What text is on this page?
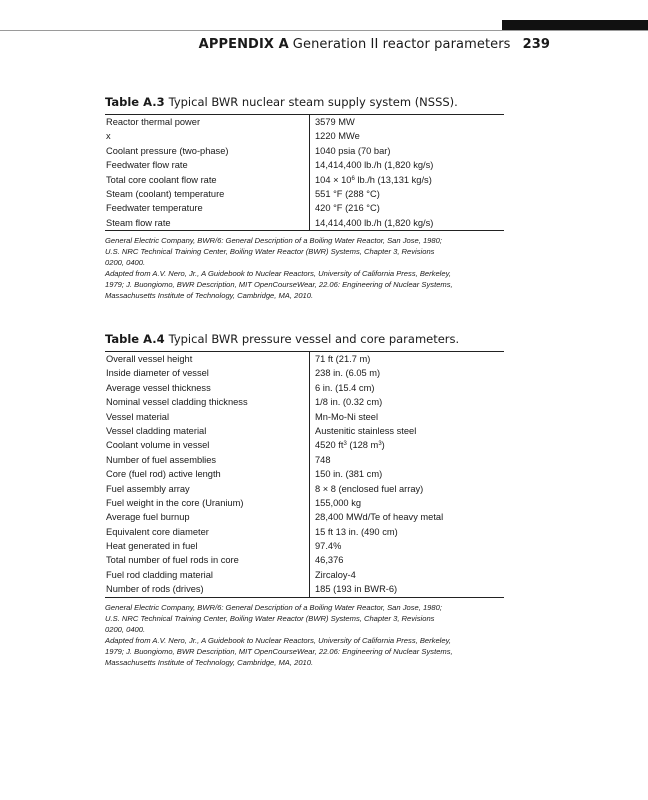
APPENDIX A Generation II reactor parameters 239
Table A.3 Typical BWR nuclear steam supply system (NSSS).
Reactor thermal power	3579 MW
x	1220 MWe
Coolant pressure (two-phase)	1040 psia (70 bar)
Feedwater flow rate	14,414,400 lb./h (1,820 kg/s)
Total core coolant flow rate	$104 \times 10^6$ lb./h (13,131 kg/s)
Steam (coolant) temperature	551 °F (288 °C)
Feedwater temperature	420 °F (216 °C)
Steam flow rate	14,414,400 lb./h (1,820 kg/s)
General Electric Company, BWR/6: General Description of a Boiling Water Reactor, San Jose, 1980;
U.S. NRC Technical Training Center, Boiling Water Reactor (BWR) Systems, Chapter 3, Revisions
0200, 0400.
Adapted from A.V. Nero, Jr., A Guidebook to Nuclear Reactors, University of California Press, Berkeley,
1979; J. Buongiomo, BWR Description, MIT OpenCourseWear, 22.06: Engineering of Nuclear Systems,
Massachusetts Institute of Technology, Cambridge, MA, 2010.
Table A.4 Typical BWR pressure vessel and core parameters.
Overall vessel height	71 ft (21.7 m)
Inside diameter of vessel	238 in. (6.05 m)
Average vessel thickness	6 in. (15.4 cm)
Nominal vessel cladding thickness	1/8 in. (0.32 cm)
Vessel material	Mn-Mo-Ni steel
Vessel cladding material	Austenitic stainless steel
Coolant volume in vessel	4520 $ft^3$ (128 $m^3$)
Number of fuel assemblies	748
Core (fuel rod) active length	150 in. (381 cm)
Fuel assembly array	8 × 8 (enclosed fuel array)
Fuel weight in the core (Uranium)	155,000 kg
Average fuel burnup	28,400 MWd/Te of heavy metal
Equivalent core diameter	15 ft 13 in. (490 cm)
Heat generated in fuel	97.4%
Total number of fuel rods in core	46,376
Fuel rod cladding material	Zircaloy-4
Number of rods (drives)	185 (193 in BWR-6)
General Electric Company, BWR/6: General Description of a Boiling Water Reactor, San Jose, 1980;
U.S. NRC Technical Training Center, Boiling Water Reactor (BWR) Systems, Chapter 3, Revisions
0200, 0400.
Adapted from A.V. Nero, Jr., A Guidebook to Nuclear Reactors, University of California Press, Berkeley,
1979; J. Buongiomo, BWR Description, MIT OpenCourseWear, 22.06: Engineering of Nuclear Systems,
Massachusetts Institute of Technology, Cambridge, MA, 2010.
